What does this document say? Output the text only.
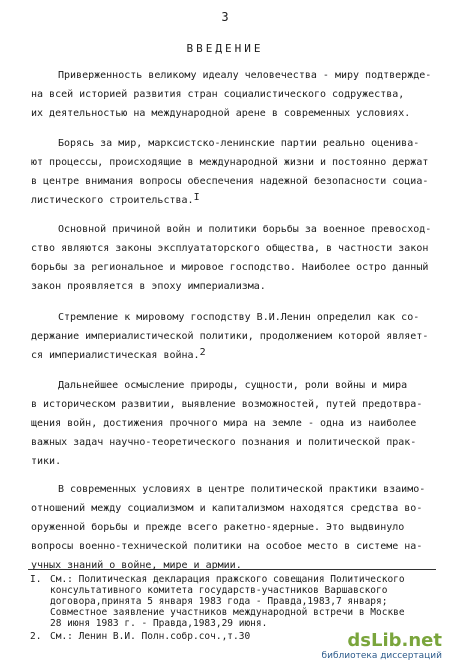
3
ВВЕДЕНИЕ
Приверженность великому идеалу человечества - миру подтвержде-
на всей историей развития стран социалистического содружества,
их деятельностью на международной арене в современных условиях.
Борясь за мир, марксистско-ленинские партии реально оценива-
ют процессы, происходящие в международной жизни и постоянно держат
в центре внимания вопросы обеспечения надежной безопасности социа-
листического строительства.$^I$
Основной причиной войн и политики борьбы за военное превосход-
ство являются законы эксплуататорского общества, в частности закон
борьбы за региональное и мировое господство. Наиболее остро данный
закон проявляется в эпоху империализма.
Стремление к мировому господству В.И.Ленин определил как со-
держание империалистической политики, продолжением которой являет-
ся империалистическая война.$^2$
Дальнейшее осмысление природы, сущности, роли войны и мира
в историческом развитии, выявление возможностей, путей предотвра-
щения войн, достижения прочного мира на земле - одна из наиболее
важных задач научно-теоретического познания и политической прак-
тики.
В современных условиях в центре политической практики взаимо-
отношений между социализмом и капитализмом находятся средства во-
оруженной борьбы и прежде всего ракетно-ядерные. Это выдвинуло
вопросы военно-технической политики на особое место в системе на-
учных знаний о войне, мире и армии.
I. См.: Политическая декларация пражского совещания Политического
консультативного комитета государств-участников Варшавского
договора,принята 5 января 1983 года - Правда,1983,7 января;
Совместное заявление участников международной встречи в Москве
28 июня 1983 г. - Правда,1983,29 июня.
2. См.: Ленин В.И. Полн.собр.соч.,т.30	dsLib.net
библиотека диссертаций
